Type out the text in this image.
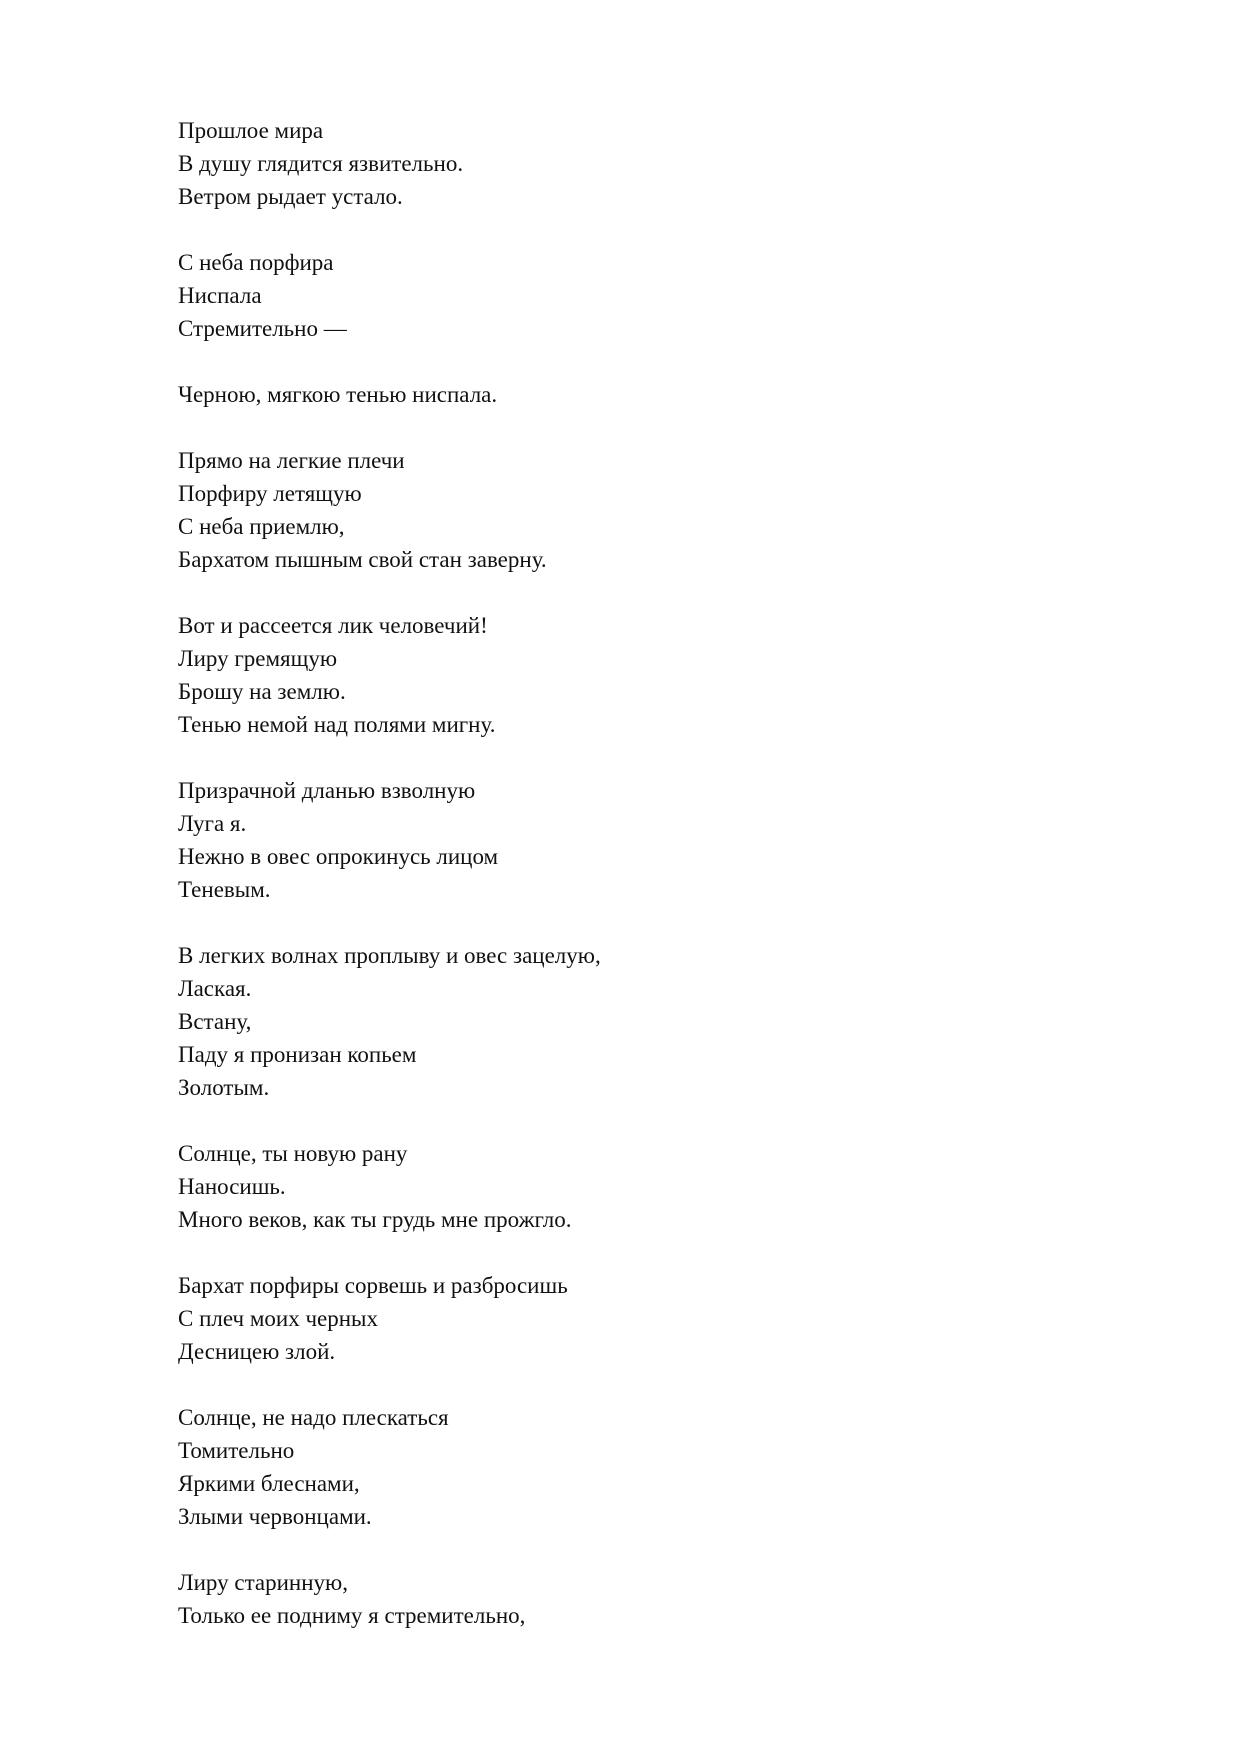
Прошлое мира
В душу глядится язвительно.
Ветром рыдает устало.
С неба порфира
Ниспала
Стремительно —
Черною, мягкою тенью ниспала.
Прямо на легкие плечи
Порфиру летящую
С неба приемлю,
Бархатом пышным свой стан заверну.
Вот и рассеется лик человечий!
Лиру гремящую
Брошу на землю.
Тенью немой над полями мигну.
Призрачной дланью взволную
Луга я.
Нежно в овес опрокинусь лицом
Теневым.
В легких волнах проплыву и овес зацелую,
Лаская.
Встану,
Паду я пронизан копьем
Золотым.
Солнце, ты новую рану
Наносишь.
Много веков, как ты грудь мне прожгло.
Бархат порфиры сорвешь и разбросишь
С плеч моих черных
Десницею злой.
Солнце, не надо плескаться
Томительно
Яркими блеснами,
Злыми червонцами.
Лиру старинную,
Только ее подниму я стремительно,
